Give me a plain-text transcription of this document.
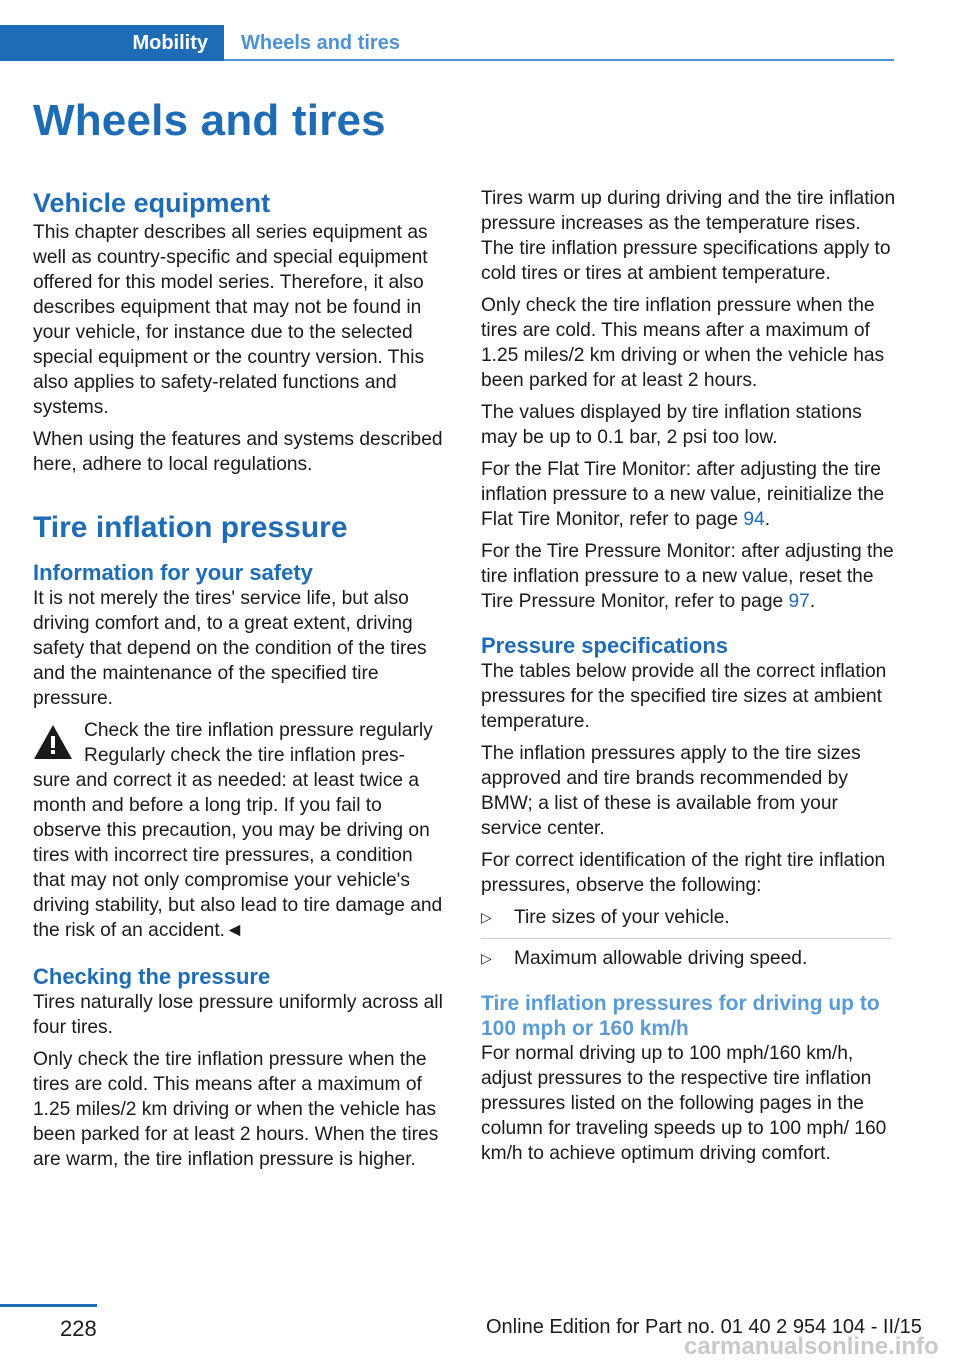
Mobility Wheels and tires
Wheels and tires
Vehicle equipment

This chapter describes all series equipment as well as country-specific and special equipment offered for this model series. Therefore, it also describes equipment that may not be found in your vehicle, for instance due to the selected special equipment or the country version. This also applies to safety-related functions and systems.

When using the features and systems described here, adhere to local regulations.

Tire inflation pressure
Information for your safety

It is not merely the tires' service life, but also driving comfort and, to a great extent, driving safety that depend on the condition of the tires and the maintenance of the specified tire pressure.

Check the tire inflation pressure regularly

Regularly check the tire inflation pres-

sure and correct it as needed: at least twice a month and before a long trip. If you fail to observe this precaution, you may be driving on tires with incorrect tire pressures, a condition that may not only compromise your vehicle's driving stability, but also lead to tire damage and the risk of an accident.◄

Checking the pressure

Tires naturally lose pressure uniformly across all four tires.

Only check the tire inflation pressure when the tires are cold. This means after a maximum of 1.25 miles/2 km driving or when the vehicle has been parked for at least 2 hours. When the tires are warm, the tire inflation pressure is higher.

Tires warm up during driving and the tire inflation pressure increases as the temperature rises. The tire inflation pressure specifications apply to cold tires or tires at ambient temperature.

Only check the tire inflation pressure when the tires are cold. This means after a maximum of 1.25 miles/2 km driving or when the vehicle has been parked for at least 2 hours.

The values displayed by tire inflation stations may be up to 0.1 bar, 2 psi too low.

For the Flat Tire Monitor: after adjusting the tire inflation pressure to a new value, reinitialize the Flat Tire Monitor, refer to page 94.

For the Tire Pressure Monitor: after adjusting the tire inflation pressure to a new value, reset the Tire Pressure Monitor, refer to page 97.

Pressure specifications

The tables below provide all the correct inflation pressures for the specified tire sizes at ambient temperature.

The inflation pressures apply to the tire sizes approved and tire brands recommended by BMW; a list of these is available from your service center.

For correct identification of the right tire inflation pressures, observe the following:

▷	Tire sizes of your vehicle.
▷	Maximum allowable driving speed.
Tire inflation pressures for driving up to 100 mph or 160 km/h

For normal driving up to 100 mph/160 km/h, adjust pressures to the respective tire inflation pressures listed on the following pages in the column for traveling speeds up to 100 mph/ 160 km/h to achieve optimum driving comfort.

228	Online Edition for Part no. 01 40 2 954 104 - II/15
carmanualsonline.info
